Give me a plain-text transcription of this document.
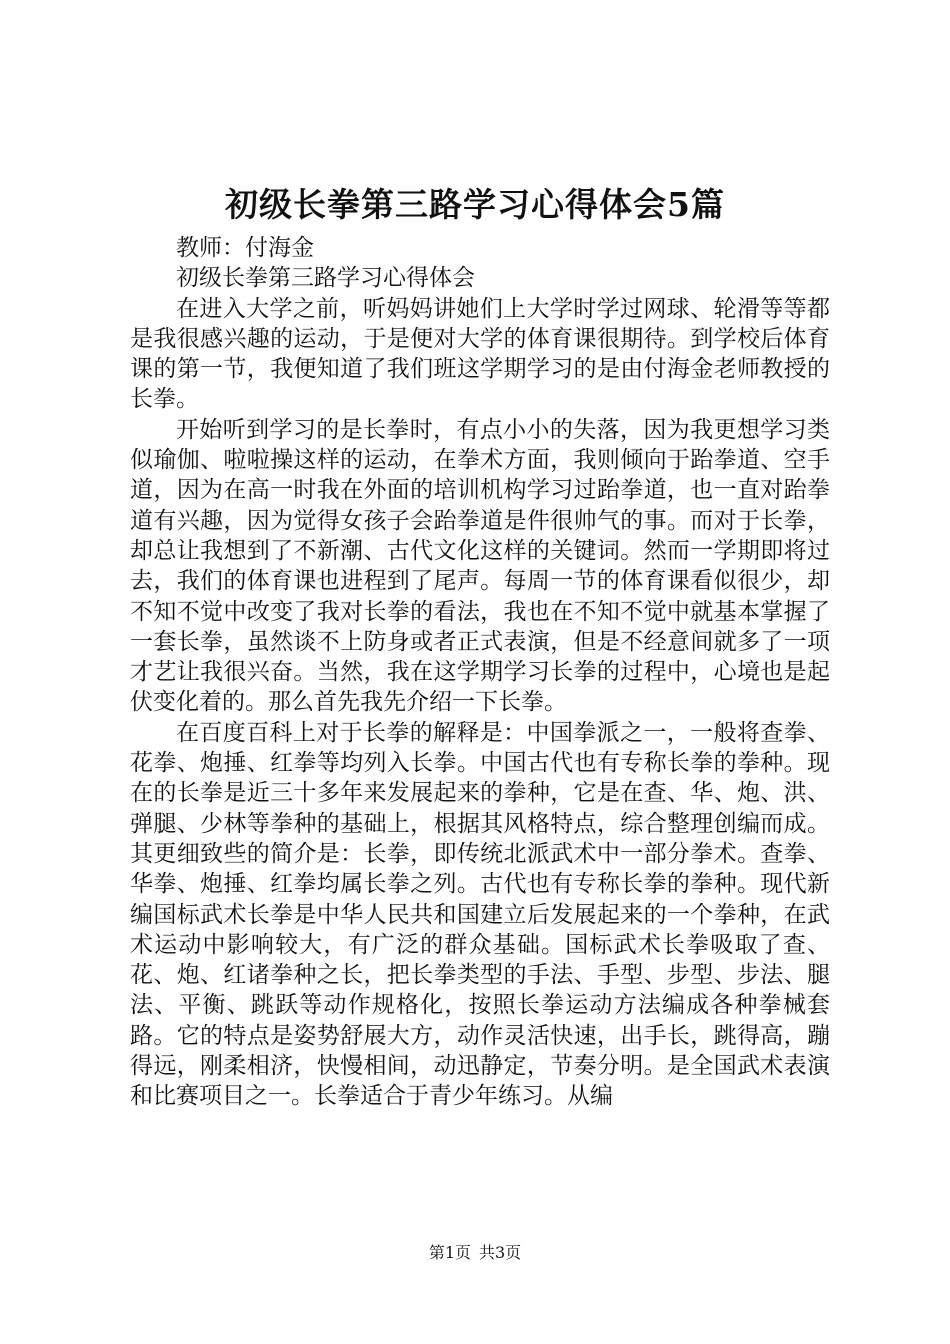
初级长拳第三路学习心得体会5篇

教师：付海金

初级长拳第三路学习心得体会

在进入大学之前，听妈妈讲她们上大学时学过网球、轮滑等等都是我很感兴趣的运动，于是便对大学的体育课很期待。到学校后体育课的第一节，我便知道了我们班这学期学习的是由付海金老师教授的长拳。

开始听到学习的是长拳时，有点小小的失落，因为我更想学习类似瑜伽、啦啦操这样的运动，在拳术方面，我则倾向于跆拳道、空手道，因为在高一时我在外面的培训机构学习过跆拳道，也一直对跆拳道有兴趣，因为觉得女孩子会跆拳道是件很帅气的事。而对于长拳，却总让我想到了不新潮、古代文化这样的关键词。然而一学期即将过去，我们的体育课也进程到了尾声。每周一节的体育课看似很少，却不知不觉中改变了我对长拳的看法，我也在不知不觉中就基本掌握了一套长拳，虽然谈不上防身或者正式表演，但是不经意间就多了一项才艺让我很兴奋。当然，我在这学期学习长拳的过程中，心境也是起伏变化着的。那么首先我先介绍一下长拳。

在百度百科上对于长拳的解释是：中国拳派之一，一般将查拳、花拳、炮捶、红拳等均列入长拳。中国古代也有专称长拳的拳种。现在的长拳是近三十多年来发展起来的拳种，它是在查、华、炮、洪、弹腿、少林等拳种的基础上，根据其风格特点，综合整理创编而成。其更细致些的简介是：长拳，即传统北派武术中一部分拳术。查拳、华拳、炮捶、红拳均属长拳之列。古代也有专称长拳的拳种。现代新编国标武术长拳是中华人民共和国建立后发展起来的一个拳种，在武术运动中影响较大，有广泛的群众基础。国标武术长拳吸取了查、花、炮、红诸拳种之长，把长拳类型的手法、手型、步型、步法、腿法、平衡、跳跃等动作规格化，按照长拳运动方法编成各种拳械套路。它的特点是姿势舒展大方，动作灵活快速，出手长，跳得高，蹦得远，刚柔相济，快慢相间，动迅静定，节奏分明。是全国武术表演和比赛项目之一。长拳适合于青少年练习。从编

第1页 共3页
